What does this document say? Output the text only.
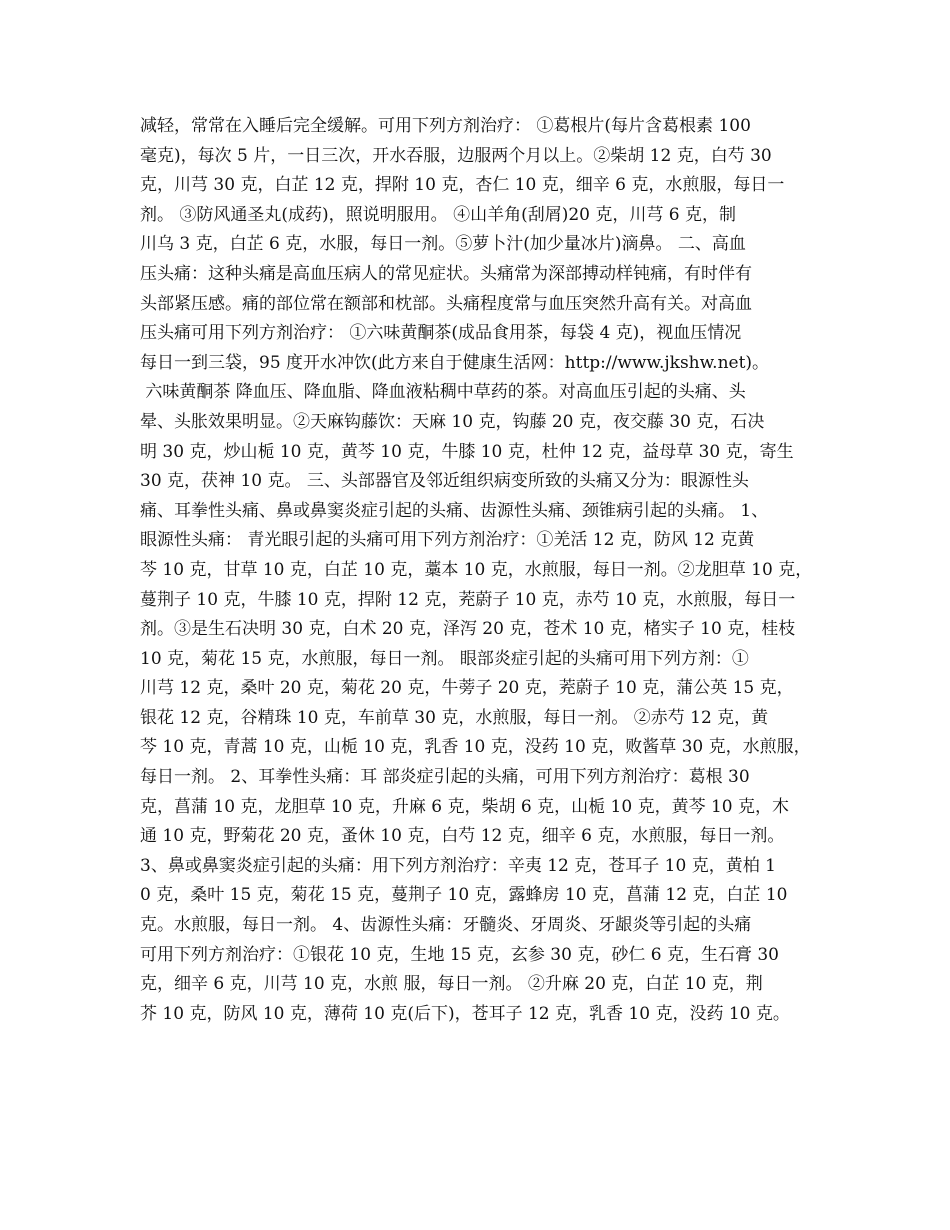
减轻，常常在入睡后完全缓解。可用下列方剂治疗： ①葛根片(每片含葛根素 100
毫克)，每次 5 片，一日三次，开水吞服，边服两个月以上。②柴胡 12 克，白芍 30
克，川芎 30 克，白芷 12 克，捍附 10 克，杏仁 10 克，细辛 6 克，水煎服，每日一
剂。 ③防风通圣丸(成药)，照说明服用。 ④山羊角(刮屑)20 克，川芎 6 克，制
川乌 3 克，白芷 6 克，水服，每日一剂。⑤萝卜汁(加少量冰片)滴鼻。 二、高血
压头痛：这种头痛是高血压病人的常见症状。头痛常为深部搏动样钝痛，有时伴有
头部紧压感。痛的部位常在额部和枕部。头痛程度常与血压突然升高有关。对高血
压头痛可用下列方剂治疗： ①六味黄酮茶(成品食用茶，每袋 4 克)，视血压情况
每日一到三袋，95 度开水冲饮(此方来自于健康生活网：http://www.jkshw.net)。
六味黄酮茶 降血压、降血脂、降血液粘稠中草药的茶。对高血压引起的头痛、头
晕、头胀效果明显。②天麻钩藤饮：天麻 10 克，钩藤 20 克，夜交藤 30 克，石决
明 30 克，炒山栀 10 克，黄芩 10 克，牛膝 10 克，杜仲 12 克，益母草 30 克，寄生
30 克，茯神 10 克。 三、头部器官及邻近组织病变所致的头痛又分为：眼源性头
痛、耳拳性头痛、鼻或鼻窦炎症引起的头痛、齿源性头痛、颈锥病引起的头痛。 1、
眼源性头痛： 青光眼引起的头痛可用下列方剂治疗：①羌活 12 克，防风 12 克黄
芩 10 克，甘草 10 克，白芷 10 克，藁本 10 克，水煎服，每日一剂。②龙胆草 10 克，
蔓荆子 10 克，牛膝 10 克，捍附 12 克，茺蔚子 10 克，赤芍 10 克，水煎服，每日一
剂。③是生石决明 30 克，白术 20 克，泽泻 20 克，苍术 10 克，楮实子 10 克，桂枝
10 克，菊花 15 克，水煎服，每日一剂。 眼部炎症引起的头痛可用下列方剂：①
川芎 12 克，桑叶 20 克，菊花 20 克，牛蒡子 20 克，茺蔚子 10 克，蒲公英 15 克，
银花 12 克，谷精珠 10 克，车前草 30 克，水煎服，每日一剂。 ②赤芍 12 克，黄
芩 10 克，青蒿 10 克，山栀 10 克，乳香 10 克，没药 10 克，败酱草 30 克，水煎服，
每日一剂。 2、耳拳性头痛：耳 部炎症引起的头痛，可用下列方剂治疗：葛根 30
克，菖蒲 10 克，龙胆草 10 克，升麻 6 克，柴胡 6 克，山栀 10 克，黄芩 10 克，木
通 10 克，野菊花 20 克，蚤休 10 克，白芍 12 克，细辛 6 克，水煎服，每日一剂。
3、鼻或鼻窦炎症引起的头痛：用下列方剂治疗：辛夷 12 克，苍耳子 10 克，黄柏 1
0 克，桑叶 15 克，菊花 15 克，蔓荆子 10 克，露蜂房 10 克，菖蒲 12 克，白芷 10
克。水煎服，每日一剂。 4、齿源性头痛：牙髓炎、牙周炎、牙龈炎等引起的头痛
可用下列方剂治疗：①银花 10 克，生地 15 克，玄参 30 克，砂仁 6 克，生石膏 30
克，细辛 6 克，川芎 10 克，水煎 服，每日一剂。 ②升麻 20 克，白芷 10 克，荆
芥 10 克，防风 10 克，薄荷 10 克(后下)，苍耳子 12 克，乳香 10 克，没药 10 克。
